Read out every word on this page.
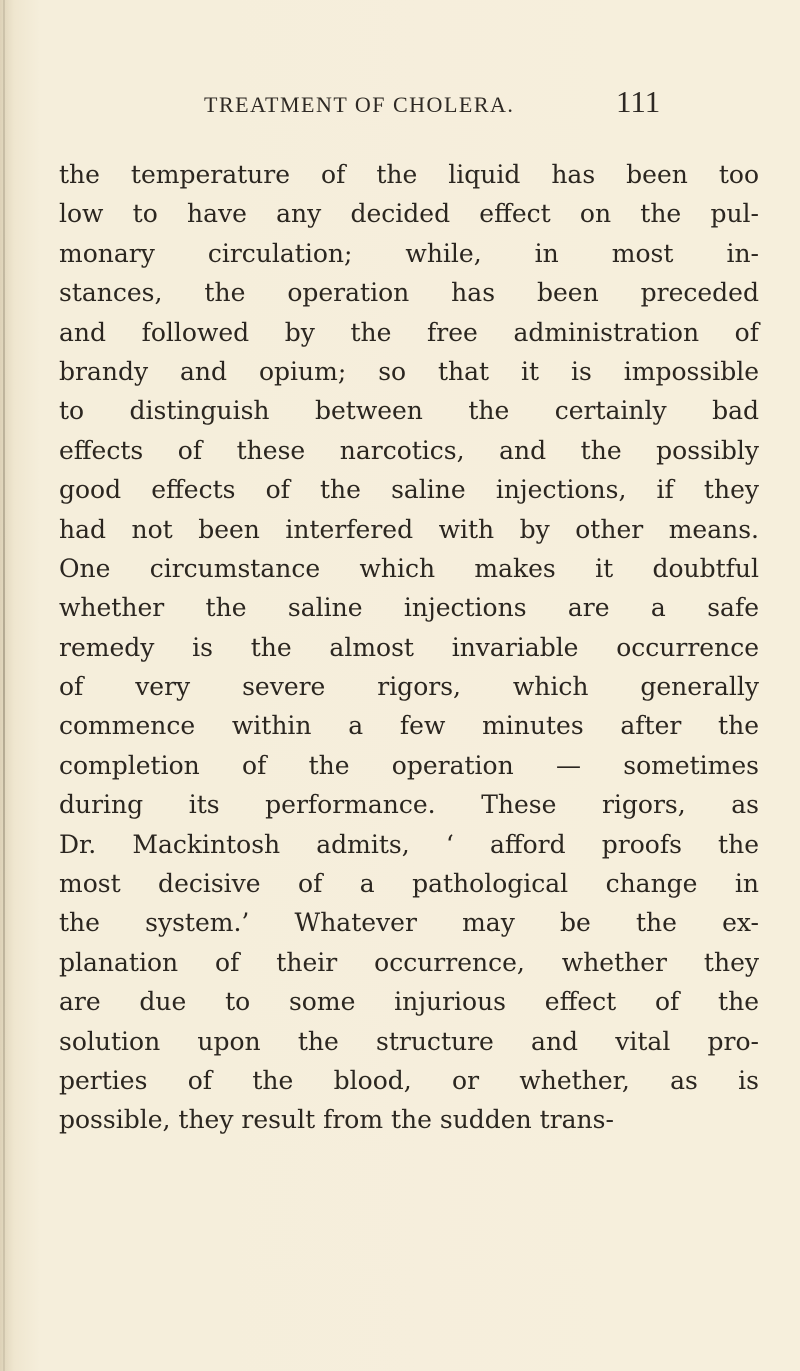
TREATMENT OF CHOLERA.	111
the temperature of the liquid has been too
low to have any decided effect on the pul-
monary circulation; while, in most in-
stances, the operation has been preceded
and followed by the free administration of
brandy and opium; so that it is impossible
to distinguish between the certainly bad
effects of these narcotics, and the possibly
good effects of the saline injections, if they
had not been interfered with by other means.
One circumstance which makes it doubtful
whether the saline injections are a safe
remedy is the almost invariable occurrence
of very severe rigors, which generally
commence within a few minutes after the
completion of the operation — sometimes
during its performance. These rigors, as
Dr. Mackintosh admits, ‘ afford proofs the
most decisive of a pathological change in
the system.’ Whatever may be the ex-
planation of their occurrence, whether they
are due to some injurious effect of the
solution upon the structure and vital pro-
perties of the blood, or whether, as is
possible, they result from the sudden trans-
